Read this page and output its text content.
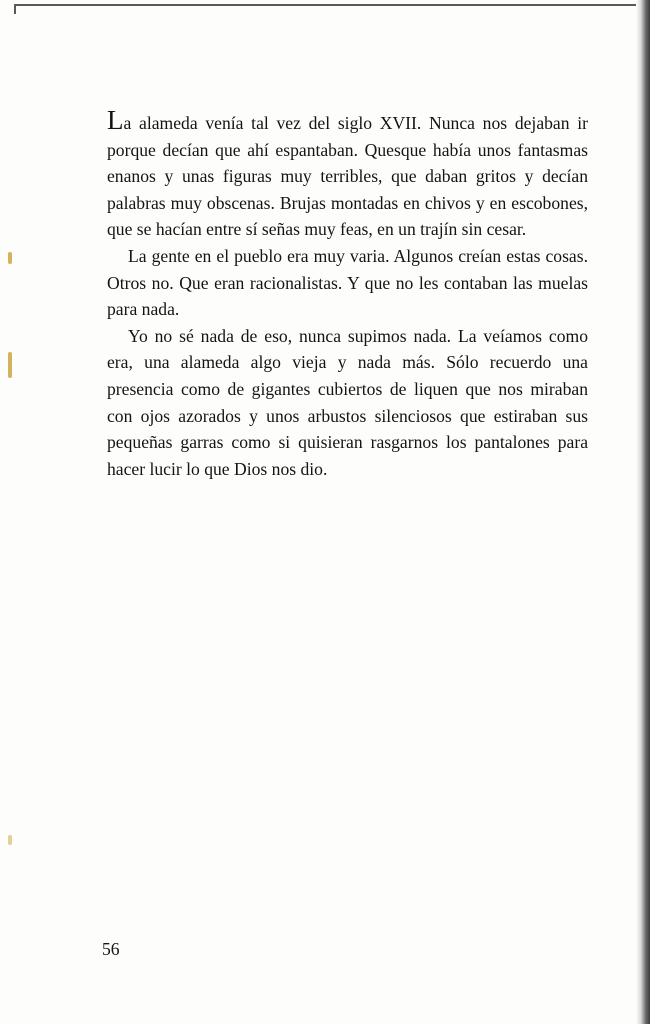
La alameda venía tal vez del siglo XVII. Nunca nos dejaban ir porque decían que ahí espantaban. Quesque había unos fantasmas enanos y unas figuras muy terribles, que daban gritos y decían palabras muy obscenas. Brujas montadas en chivos y en escobones, que se hacían entre sí señas muy feas, en un trajín sin cesar.

La gente en el pueblo era muy varia. Algunos creían estas cosas. Otros no. Que eran racionalistas. Y que no les contaban las muelas para nada.

Yo no sé nada de eso, nunca supimos nada. La veíamos como era, una alameda algo vieja y nada más. Sólo recuerdo una presencia como de gigantes cubiertos de liquen que nos miraban con ojos azorados y unos arbustos silenciosos que estiraban sus pequeñas garras como si quisieran rasgarnos los pantalones para hacer lucir lo que Dios nos dio.

56
